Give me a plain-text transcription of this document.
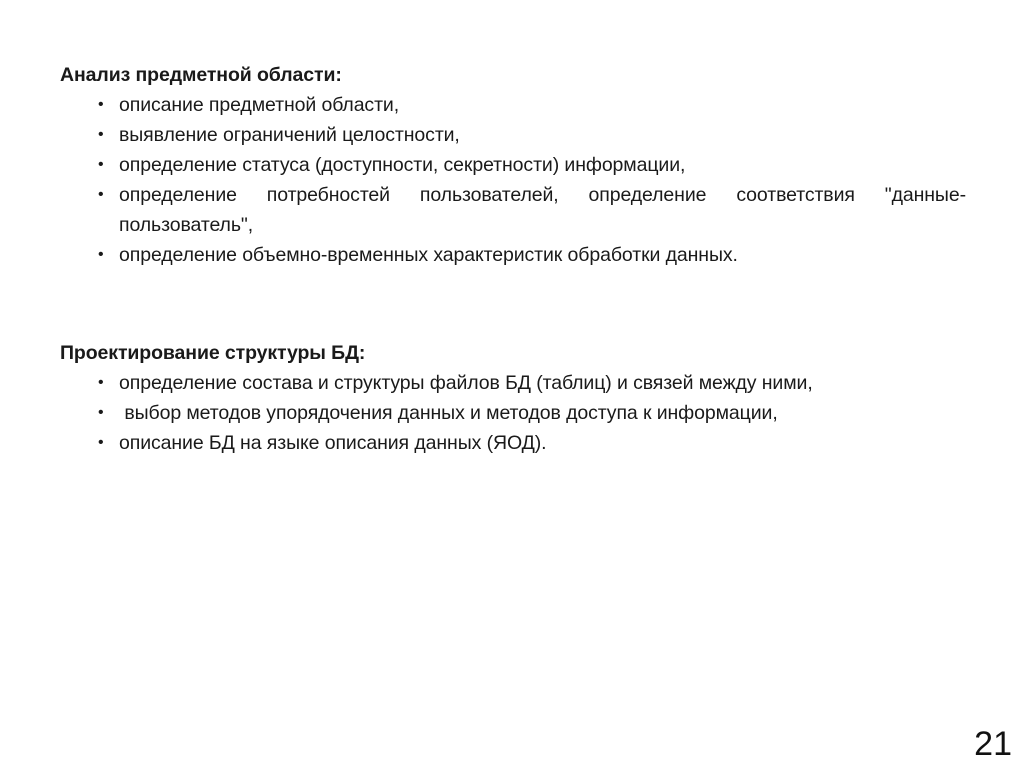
Анализ предметной области:
• описание предметной области,
• выявление ограничений целостности,
• определение статуса (доступности, секретности) информации,
• определение потребностей пользователей, определение соответствия "данные-пользователь",
• определение объемно-временных характеристик обработки данных.
Проектирование структуры БД:
• определение состава и структуры файлов БД (таблиц) и связей между ними,
• выбор методов упорядочения данных и методов доступа к информации,
• описание БД на языке описания данных (ЯОД).
21
